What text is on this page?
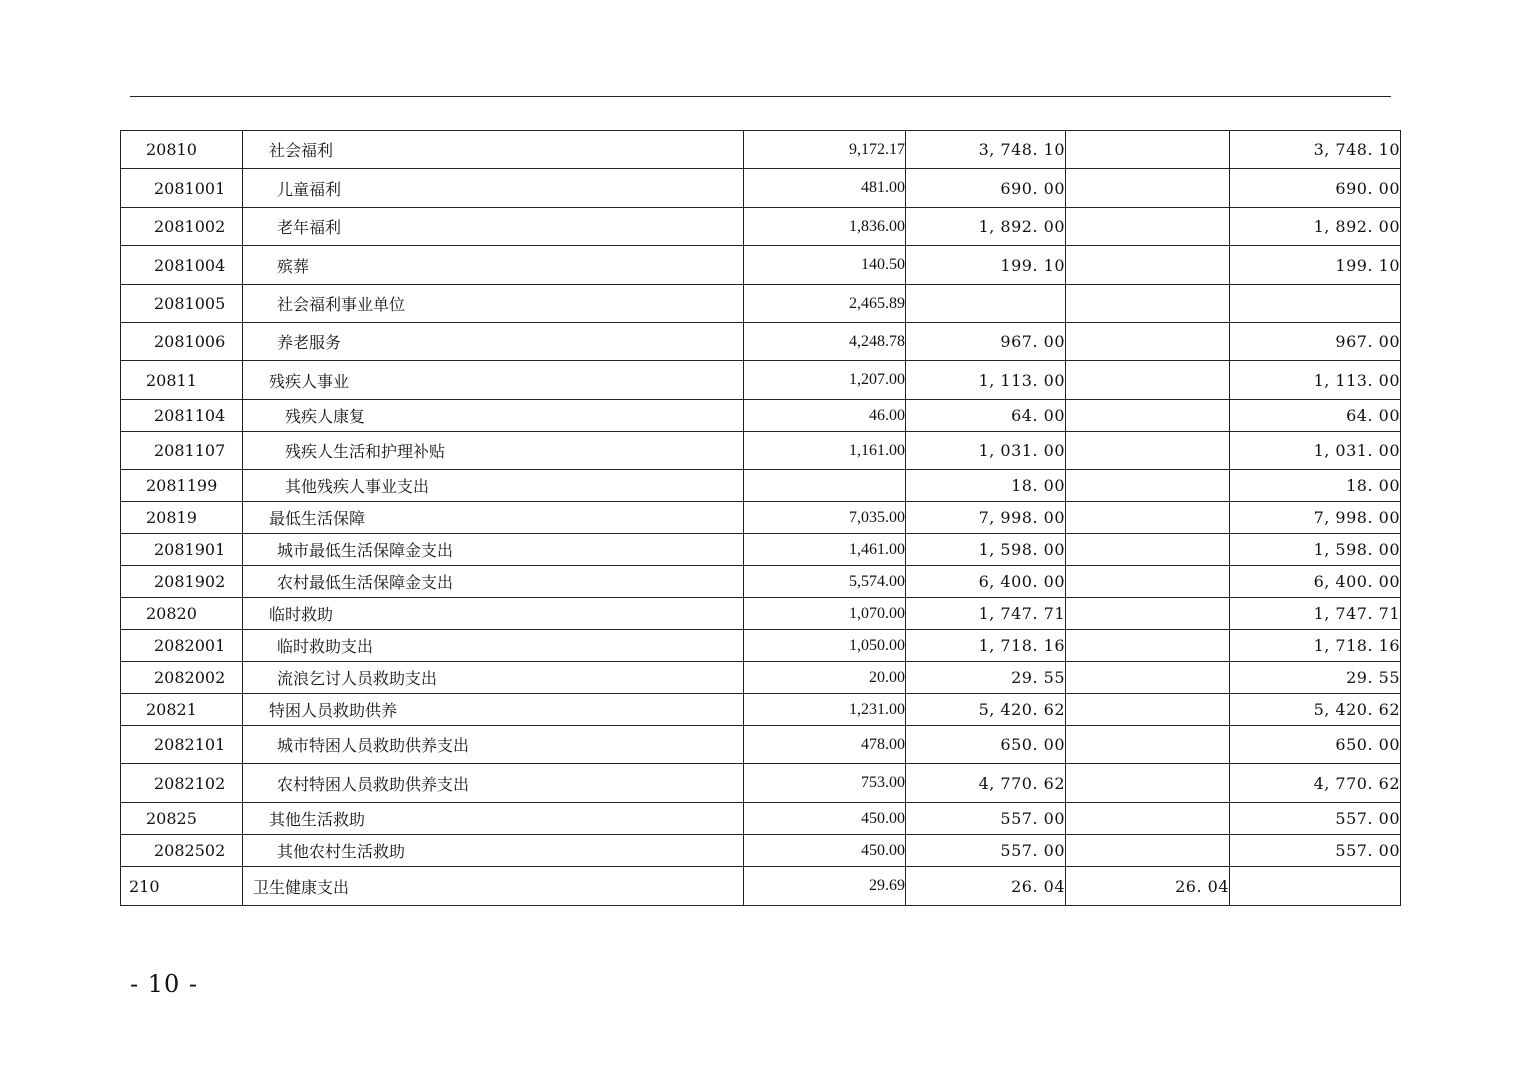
20810	社会福利	9,172.17	3, 748. 10		3, 748. 10
2081001	儿童福利	481.00	690. 00		690. 00
2081002	老年福利	1,836.00	1, 892. 00		1, 892. 00
2081004	殡葬	140.50	199. 10		199. 10
2081005	社会福利事业单位	2,465.89			
2081006	养老服务	4,248.78	967. 00		967. 00
20811	残疾人事业	1,207.00	1, 113. 00		1, 113. 00
2081104	残疾人康复	46.00	64. 00		64. 00
2081107	残疾人生活和护理补贴	1,161.00	1, 031. 00		1, 031. 00
2081199	其他残疾人事业支出		18. 00		18. 00
20819	最低生活保障	7,035.00	7, 998. 00		7, 998. 00
2081901	城市最低生活保障金支出	1,461.00	1, 598. 00		1, 598. 00
2081902	农村最低生活保障金支出	5,574.00	6, 400. 00		6, 400. 00
20820	临时救助	1,070.00	1, 747. 71		1, 747. 71
2082001	临时救助支出	1,050.00	1, 718. 16		1, 718. 16
2082002	流浪乞讨人员救助支出	20.00	29. 55		29. 55
20821	特困人员救助供养	1,231.00	5, 420. 62		5, 420. 62
2082101	城市特困人员救助供养支出	478.00	650. 00		650. 00
2082102	农村特困人员救助供养支出	753.00	4, 770. 62		4, 770. 62
20825	其他生活救助	450.00	557. 00		557. 00
2082502	其他农村生活救助	450.00	557. 00		557. 00
210	卫生健康支出	29.69	26. 04	26. 04	
- 10 -
